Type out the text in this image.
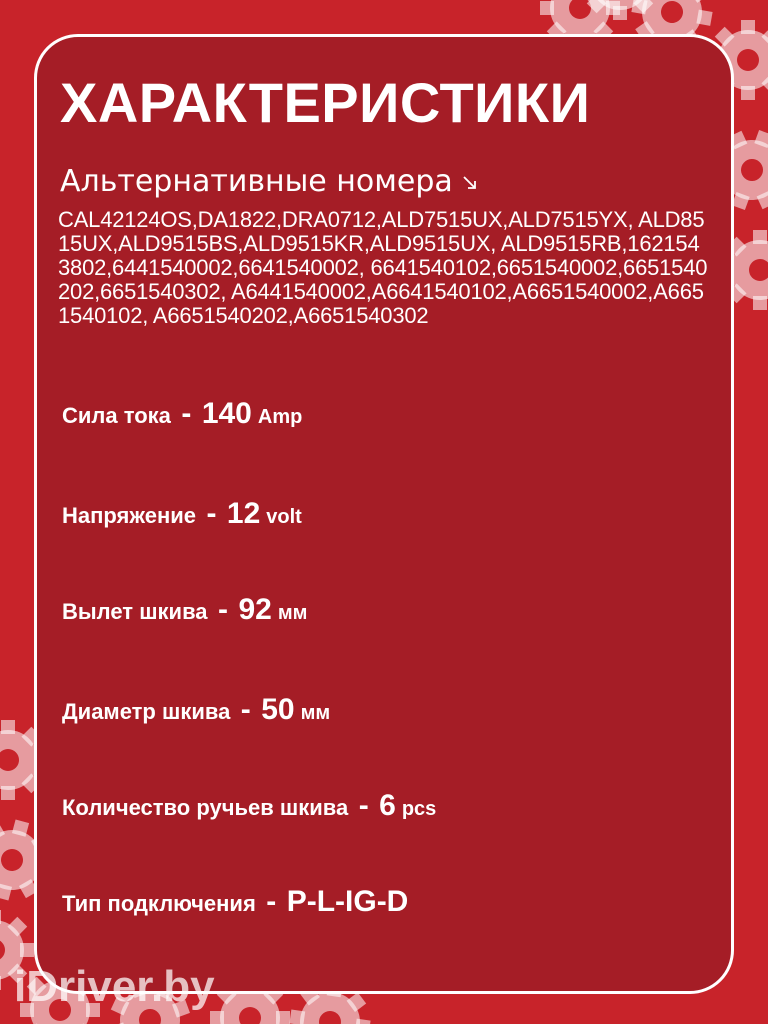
ХАРАКТЕРИСТИКИ
Альтернативные номера
CAL42124OS,DA1822,DRA0712,ALD7515UX,ALD7515YX, ALD8515UX,ALD9515BS,ALD9515KR,ALD9515UX, ALD9515RB,1621543802,6441540002,6641540002, 6641540102,6651540002,6651540202,6651540302, A6441540002,A6641540102,A6651540002,A6651540102, A6651540202,A6651540302
Сила тока - 140 Amp
Напряжение - 12 volt
Вылет шкива - 92 мм
Диаметр шкива - 50 мм
Количество ручьев шкива - 6 pcs
Тип подключения - P-L-IG-D
iDriver.by
